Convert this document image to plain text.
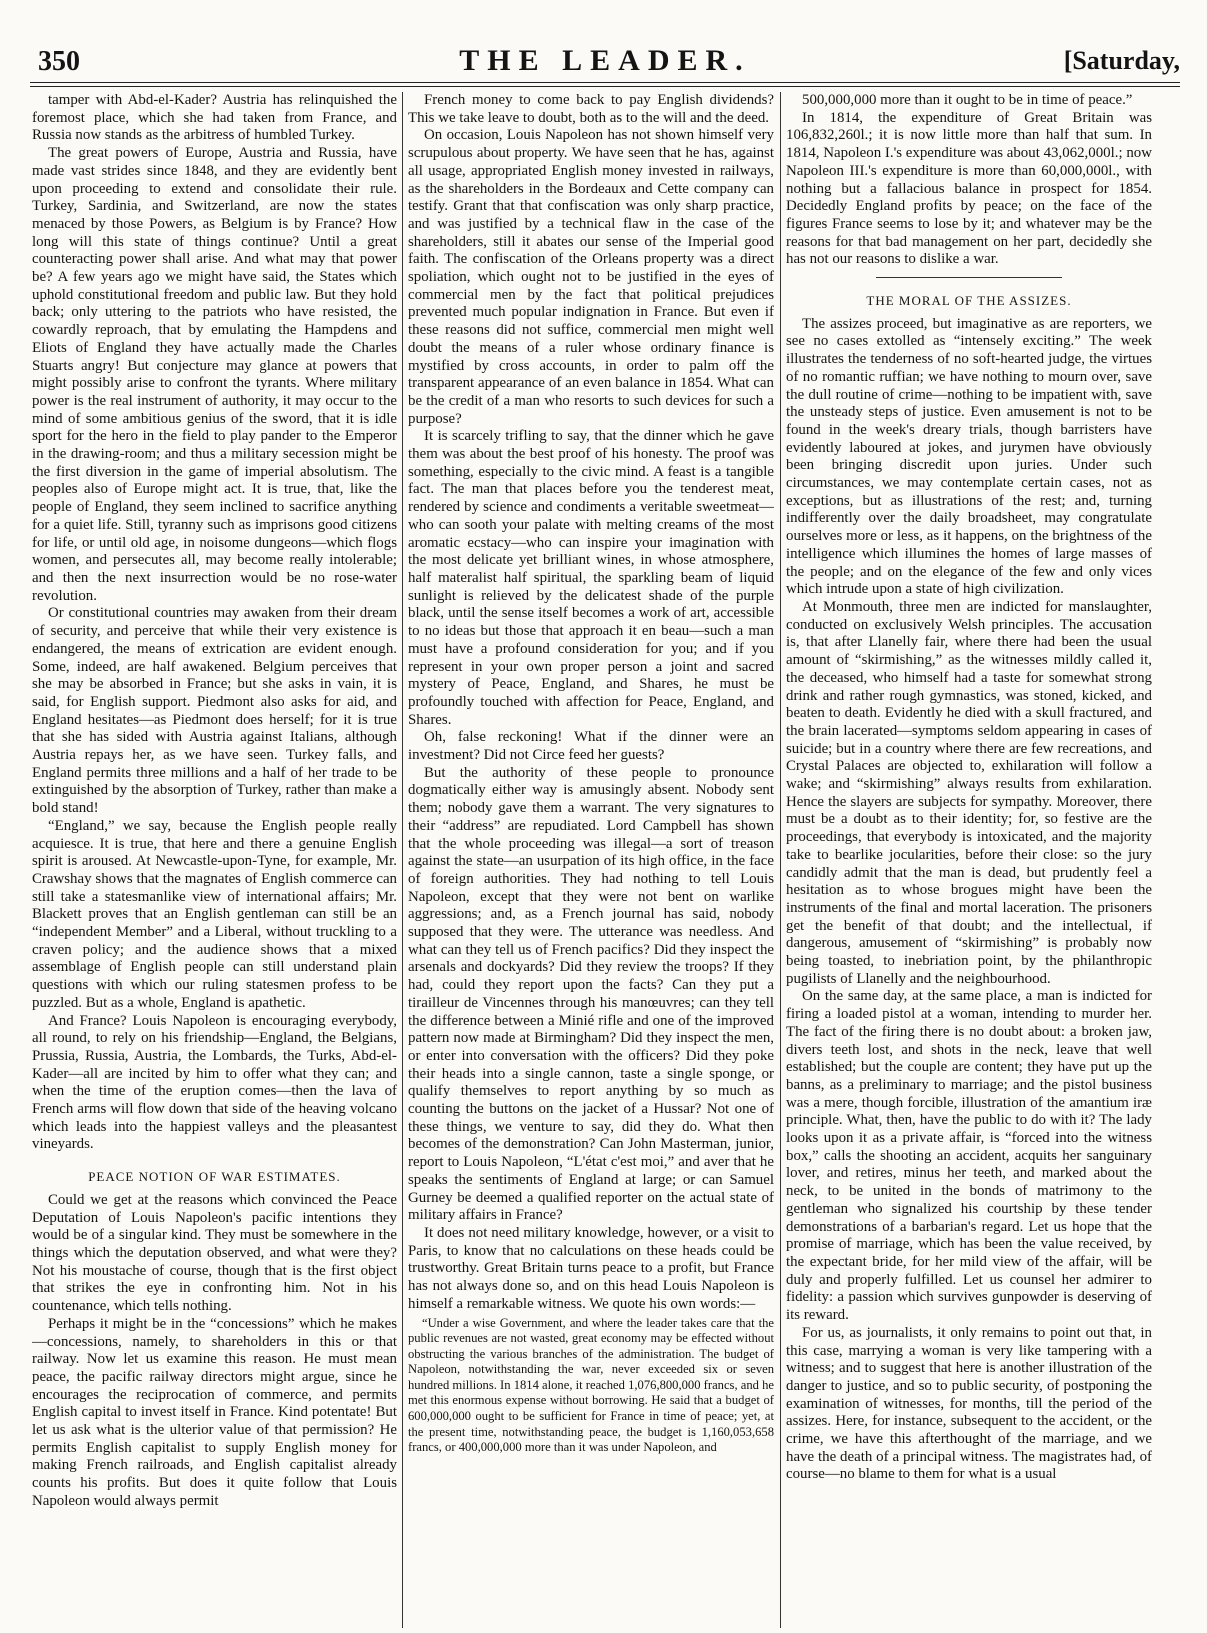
350	THE LEADER.	[Saturday,

tamper with Abd-el-Kader? Austria has relinquished the foremost place, which she had taken from France, and Russia now stands as the arbitress of humbled Turkey.

The great powers of Europe, Austria and Russia, have made vast strides since 1848, and they are evidently bent upon proceeding to extend and consolidate their rule. Turkey, Sardinia, and Switzerland, are now the states menaced by those Powers, as Belgium is by France? How long will this state of things continue? Until a great counteracting power shall arise. And what may that power be? A few years ago we might have said, the States which uphold constitutional freedom and public law. But they hold back; only uttering to the patriots who have resisted, the cowardly reproach, that by emulating the Hampdens and Eliots of England they have actually made the Charles Stuarts angry! But conjecture may glance at powers that might possibly arise to confront the tyrants. Where military power is the real instrument of authority, it may occur to the mind of some ambitious genius of the sword, that it is idle sport for the hero in the field to play pander to the Emperor in the drawing-room; and thus a military secession might be the first diversion in the game of imperial absolutism. The peoples also of Europe might act. It is true, that, like the people of England, they seem inclined to sacrifice anything for a quiet life. Still, tyranny such as imprisons good citizens for life, or until old age, in noisome dungeons—which flogs women, and persecutes all, may become really intolerable; and then the next insurrection would be no rose-water revolution.

Or constitutional countries may awaken from their dream of security, and perceive that while their very existence is endangered, the means of extrication are evident enough. Some, indeed, are half awakened. Belgium perceives that she may be absorbed in France; but she asks in vain, it is said, for English support. Piedmont also asks for aid, and England hesitates—as Piedmont does herself; for it is true that she has sided with Austria against Italians, although Austria repays her, as we have seen. Turkey falls, and England permits three millions and a half of her trade to be extinguished by the absorption of Turkey, rather than make a bold stand!

“England,” we say, because the English people really acquiesce. It is true, that here and there a genuine English spirit is aroused. At Newcastle-upon-Tyne, for example, Mr. Crawshay shows that the magnates of English commerce can still take a statesmanlike view of international affairs; Mr. Blackett proves that an English gentleman can still be an “independent Member” and a Liberal, without truckling to a craven policy; and the audience shows that a mixed assemblage of English people can still understand plain questions with which our ruling statesmen profess to be puzzled. But as a whole, England is apathetic.

And France? Louis Napoleon is encouraging everybody, all round, to rely on his friendship—England, the Belgians, Prussia, Russia, Austria, the Lombards, the Turks, Abd-el-Kader—all are incited by him to offer what they can; and when the time of the eruption comes—then the lava of French arms will flow down that side of the heaving volcano which leads into the happiest valleys and the pleasantest vineyards.

PEACE NOTION OF WAR ESTIMATES.

Could we get at the reasons which convinced the Peace Deputation of Louis Napoleon's pacific intentions they would be of a singular kind. They must be somewhere in the things which the deputation observed, and what were they? Not his moustache of course, though that is the first object that strikes the eye in confronting him. Not in his countenance, which tells nothing.

Perhaps it might be in the “concessions” which he makes—concessions, namely, to shareholders in this or that railway. Now let us examine this reason. He must mean peace, the pacific railway directors might argue, since he encourages the reciprocation of commerce, and permits English capital to invest itself in France. Kind potentate! But let us ask what is the ulterior value of that permission? He permits English capitalist to supply English money for making French railroads, and English capitalist already counts his profits. But does it quite follow that Louis Napoleon would always permit

French money to come back to pay English dividends? This we take leave to doubt, both as to the will and the deed.

On occasion, Louis Napoleon has not shown himself very scrupulous about property. We have seen that he has, against all usage, appropriated English money invested in railways, as the shareholders in the Bordeaux and Cette company can testify. Grant that that confiscation was only sharp practice, and was justified by a technical flaw in the case of the shareholders, still it abates our sense of the Imperial good faith. The confiscation of the Orleans property was a direct spoliation, which ought not to be justified in the eyes of commercial men by the fact that political prejudices prevented much popular indignation in France. But even if these reasons did not suffice, commercial men might well doubt the means of a ruler whose ordinary finance is mystified by cross accounts, in order to palm off the transparent appearance of an even balance in 1854. What can be the credit of a man who resorts to such devices for such a purpose?

It is scarcely trifling to say, that the dinner which he gave them was about the best proof of his honesty. The proof was something, especially to the civic mind. A feast is a tangible fact. The man that places before you the tenderest meat, rendered by science and condiments a veritable sweetmeat—who can sooth your palate with melting creams of the most aromatic ecstacy—who can inspire your imagination with the most delicate yet brilliant wines, in whose atmosphere, half materalist half spiritual, the sparkling beam of liquid sunlight is relieved by the delicatest shade of the purple black, until the sense itself becomes a work of art, accessible to no ideas but those that approach it en beau—such a man must have a profound consideration for you; and if you represent in your own proper person a joint and sacred mystery of Peace, England, and Shares, he must be profoundly touched with affection for Peace, England, and Shares.

Oh, false reckoning! What if the dinner were an investment? Did not Circe feed her guests?

But the authority of these people to pronounce dogmatically either way is amusingly absent. Nobody sent them; nobody gave them a warrant. The very signatures to their “address” are repudiated. Lord Campbell has shown that the whole proceeding was illegal—a sort of treason against the state—an usurpation of its high office, in the face of foreign authorities. They had nothing to tell Louis Napoleon, except that they were not bent on warlike aggressions; and, as a French journal has said, nobody supposed that they were. The utterance was needless. And what can they tell us of French pacifics? Did they inspect the arsenals and dockyards? Did they review the troops? If they had, could they report upon the facts? Can they put a tirailleur de Vincennes through his manœuvres; can they tell the difference between a Minié rifle and one of the improved pattern now made at Birmingham? Did they inspect the men, or enter into conversation with the officers? Did they poke their heads into a single cannon, taste a single sponge, or qualify themselves to report anything by so much as counting the buttons on the jacket of a Hussar? Not one of these things, we venture to say, did they do. What then becomes of the demonstration? Can John Masterman, junior, report to Louis Napoleon, “L'état c'est moi,” and aver that he speaks the sentiments of England at large; or can Samuel Gurney be deemed a qualified reporter on the actual state of military affairs in France?

It does not need military knowledge, however, or a visit to Paris, to know that no calculations on these heads could be trustworthy. Great Britain turns peace to a profit, but France has not always done so, and on this head Louis Napoleon is himself a remarkable witness. We quote his own words:—

“Under a wise Government, and where the leader takes care that the public revenues are not wasted, great economy may be effected without obstructing the various branches of the administration. The budget of Napoleon, notwithstanding the war, never exceeded six or seven hundred millions. In 1814 alone, it reached 1,076,800,000 francs, and he met this enormous expense without borrowing. He said that a budget of 600,000,000 ought to be sufficient for France in time of peace; yet, at the present time, notwithstanding peace, the budget is 1,160,053,658 francs, or 400,000,000 more than it was under Napoleon, and

500,000,000 more than it ought to be in time of peace.”

In 1814, the expenditure of Great Britain was 106,832,260l.; it is now little more than half that sum. In 1814, Napoleon I.'s expenditure was about 43,062,000l.; now Napoleon III.'s expenditure is more than 60,000,000l., with nothing but a fallacious balance in prospect for 1854. Decidedly England profits by peace; on the face of the figures France seems to lose by it; and whatever may be the reasons for that bad management on her part, decidedly she has not our reasons to dislike a war.

THE MORAL OF THE ASSIZES.

The assizes proceed, but imaginative as are reporters, we see no cases extolled as “intensely exciting.” The week illustrates the tenderness of no soft-hearted judge, the virtues of no romantic ruffian; we have nothing to mourn over, save the dull routine of crime—nothing to be impatient with, save the unsteady steps of justice. Even amusement is not to be found in the week's dreary trials, though barristers have evidently laboured at jokes, and jurymen have obviously been bringing discredit upon juries. Under such circumstances, we may contemplate certain cases, not as exceptions, but as illustrations of the rest; and, turning indifferently over the daily broadsheet, may congratulate ourselves more or less, as it happens, on the brightness of the intelligence which illumines the homes of large masses of the people; and on the elegance of the few and only vices which intrude upon a state of high civilization.

At Monmouth, three men are indicted for manslaughter, conducted on exclusively Welsh principles. The accusation is, that after Llanelly fair, where there had been the usual amount of “skirmishing,” as the witnesses mildly called it, the deceased, who himself had a taste for somewhat strong drink and rather rough gymnastics, was stoned, kicked, and beaten to death. Evidently he died with a skull fractured, and the brain lacerated—symptoms seldom appearing in cases of suicide; but in a country where there are few recreations, and Crystal Palaces are objected to, exhilaration will follow a wake; and “skirmishing” always results from exhilaration. Hence the slayers are subjects for sympathy. Moreover, there must be a doubt as to their identity; for, so festive are the proceedings, that everybody is intoxicated, and the majority take to bearlike jocularities, before their close: so the jury candidly admit that the man is dead, but prudently feel a hesitation as to whose brogues might have been the instruments of the final and mortal laceration. The prisoners get the benefit of that doubt; and the intellectual, if dangerous, amusement of “skirmishing” is probably now being toasted, to inebriation point, by the philanthropic pugilists of Llanelly and the neighbourhood.

On the same day, at the same place, a man is indicted for firing a loaded pistol at a woman, intending to murder her. The fact of the firing there is no doubt about: a broken jaw, divers teeth lost, and shots in the neck, leave that well established; but the couple are content; they have put up the banns, as a preliminary to marriage; and the pistol business was a mere, though forcible, illustration of the amantium iræ principle. What, then, have the public to do with it? The lady looks upon it as a private affair, is “forced into the witness box,” calls the shooting an accident, acquits her sanguinary lover, and retires, minus her teeth, and marked about the neck, to be united in the bonds of matrimony to the gentleman who signalized his courtship by these tender demonstrations of a barbarian's regard. Let us hope that the promise of marriage, which has been the value received, by the expectant bride, for her mild view of the affair, will be duly and properly fulfilled. Let us counsel her admirer to fidelity: a passion which survives gunpowder is deserving of its reward.

For us, as journalists, it only remains to point out that, in this case, marrying a woman is very like tampering with a witness; and to suggest that here is another illustration of the danger to justice, and so to public security, of postponing the examination of witnesses, for months, till the period of the assizes. Here, for instance, subsequent to the accident, or the crime, we have this afterthought of the marriage, and we have the death of a principal witness. The magistrates had, of course—no blame to them for what is a usual
